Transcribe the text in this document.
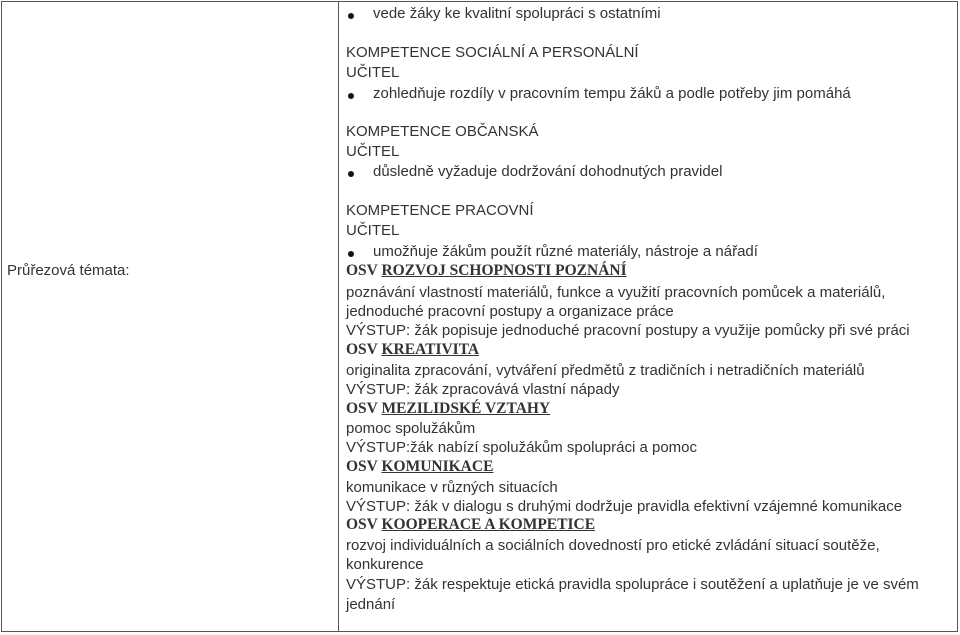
Průřezová témata:
vede žáky ke kvalitní spolupráci s ostatními
KOMPETENCE SOCIÁLNÍ A PERSONÁLNÍ
UČITEL
zohledňuje rozdíly v pracovním tempu žáků a podle potřeby jim pomáhá
KOMPETENCE OBČANSKÁ
UČITEL
důsledně vyžaduje dodržování dohodnutých pravidel
KOMPETENCE PRACOVNÍ
UČITEL
umožňuje žákům použít různé materiály, nástroje a nářadí
OSV ROZVOJ SCHOPNOSTI POZNÁNÍ
poznávání vlastností materiálů, funkce a využití pracovních pomůcek a materiálů,
jednoduché pracovní postupy a organizace práce
VÝSTUP: žák popisuje jednoduché pracovní postupy a využije pomůcky při své práci
OSV KREATIVITA
originalita zpracování, vytváření předmětů z tradičních i netradičních materiálů
VÝSTUP: žák zpracovává vlastní nápady
OSV MEZILIDSKÉ VZTAHY
pomoc spolužákům
VÝSTUP:žák nabízí spolužákům spolupráci a pomoc
OSV KOMUNIKACE
komunikace v různých situacích
VÝSTUP: žák v dialogu s druhými dodržuje pravidla efektivní vzájemné komunikace
OSV KOOPERACE A KOMPETICE
rozvoj individuálních a sociálních dovedností pro etické zvládání situací soutěže,
konkurence
VÝSTUP: žák respektuje etická pravidla spolupráce i soutěžení a uplatňuje je ve svém
jednání
